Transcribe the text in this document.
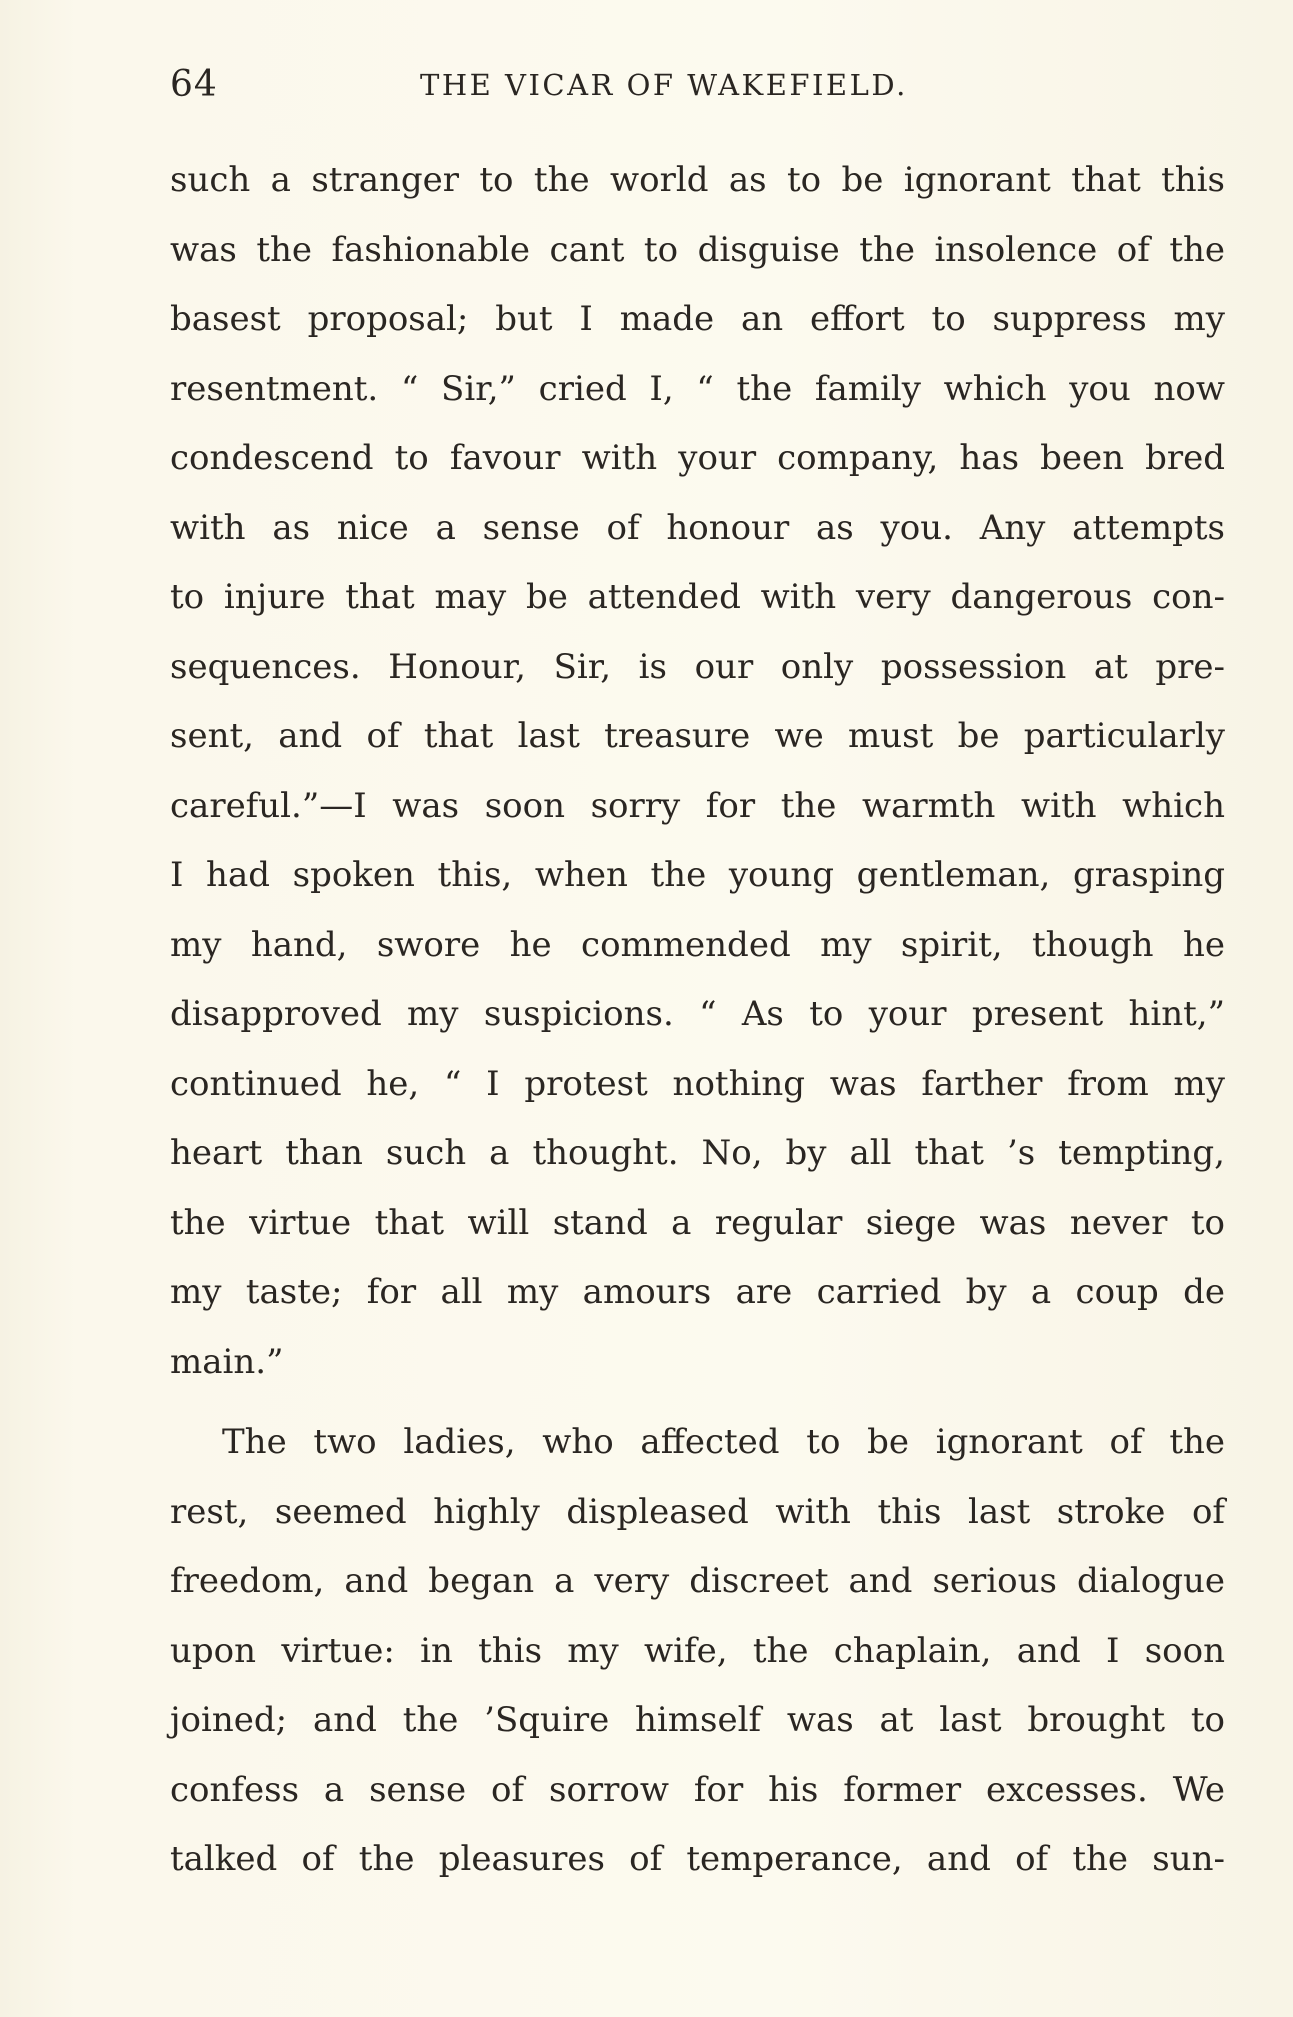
64	THE VICAR OF WAKEFIELD.
such a stranger to the world as to be ignorant that this
was the fashionable cant to disguise the insolence of the
basest proposal; but I made an effort to suppress my
resentment. “ Sir,” cried I, “ the family which you now
condescend to favour with your company, has been bred
with as nice a sense of honour as you. Any attempts
to injure that may be attended with very dangerous con-
sequences. Honour, Sir, is our only possession at pre-
sent, and of that last treasure we must be particularly
careful.”—I was soon sorry for the warmth with which
I had spoken this, when the young gentleman, grasping
my hand, swore he commended my spirit, though he
disapproved my suspicions. “ As to your present hint,”
continued he, “ I protest nothing was farther from my
heart than such a thought. No, by all that ’s tempting,
the virtue that will stand a regular siege was never to
my taste; for all my amours are carried by a coup de
main.”
The two ladies, who affected to be ignorant of the
rest, seemed highly displeased with this last stroke of
freedom, and began a very discreet and serious dialogue
upon virtue: in this my wife, the chaplain, and I soon
joined; and the ’Squire himself was at last brought to
confess a sense of sorrow for his former excesses. We
talked of the pleasures of temperance, and of the sun-
